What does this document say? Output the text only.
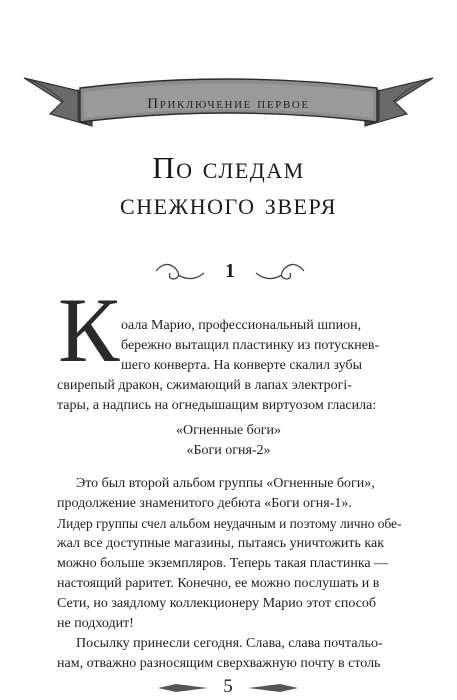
Приключение первое
По следам
снежного зверя
1
К оала Марио, профессиональный шпион,
бережно вытащил пластинку из потускнев-
шего конверта. На конверте скалил зубы
свирепый дракон, сжимающий в лапах электрогi-
тары, а надпись на огнедышащим виртуозом гласила:
«Огненные боги»
«Боги огня-2»
Это был второй альбом группы «Огненные боги»,
продолжение знаменитого дебюта «Боги огня-1».
Лидер группы счел альбом неудачным и поэтому лично обе-
жал все доступные магазины, пытаясь уничтожить как
можно больше экземпляров. Теперь такая пластинка —
настоящий раритет. Конечно, ее можно послушать и в
Сети, но заядлому коллекционеру Марио этот способ
не подходит!
Посылку принесли сегодня. Слава, слава почтальо-
нам, отважно разносящим сверхважную почту в столь
5
